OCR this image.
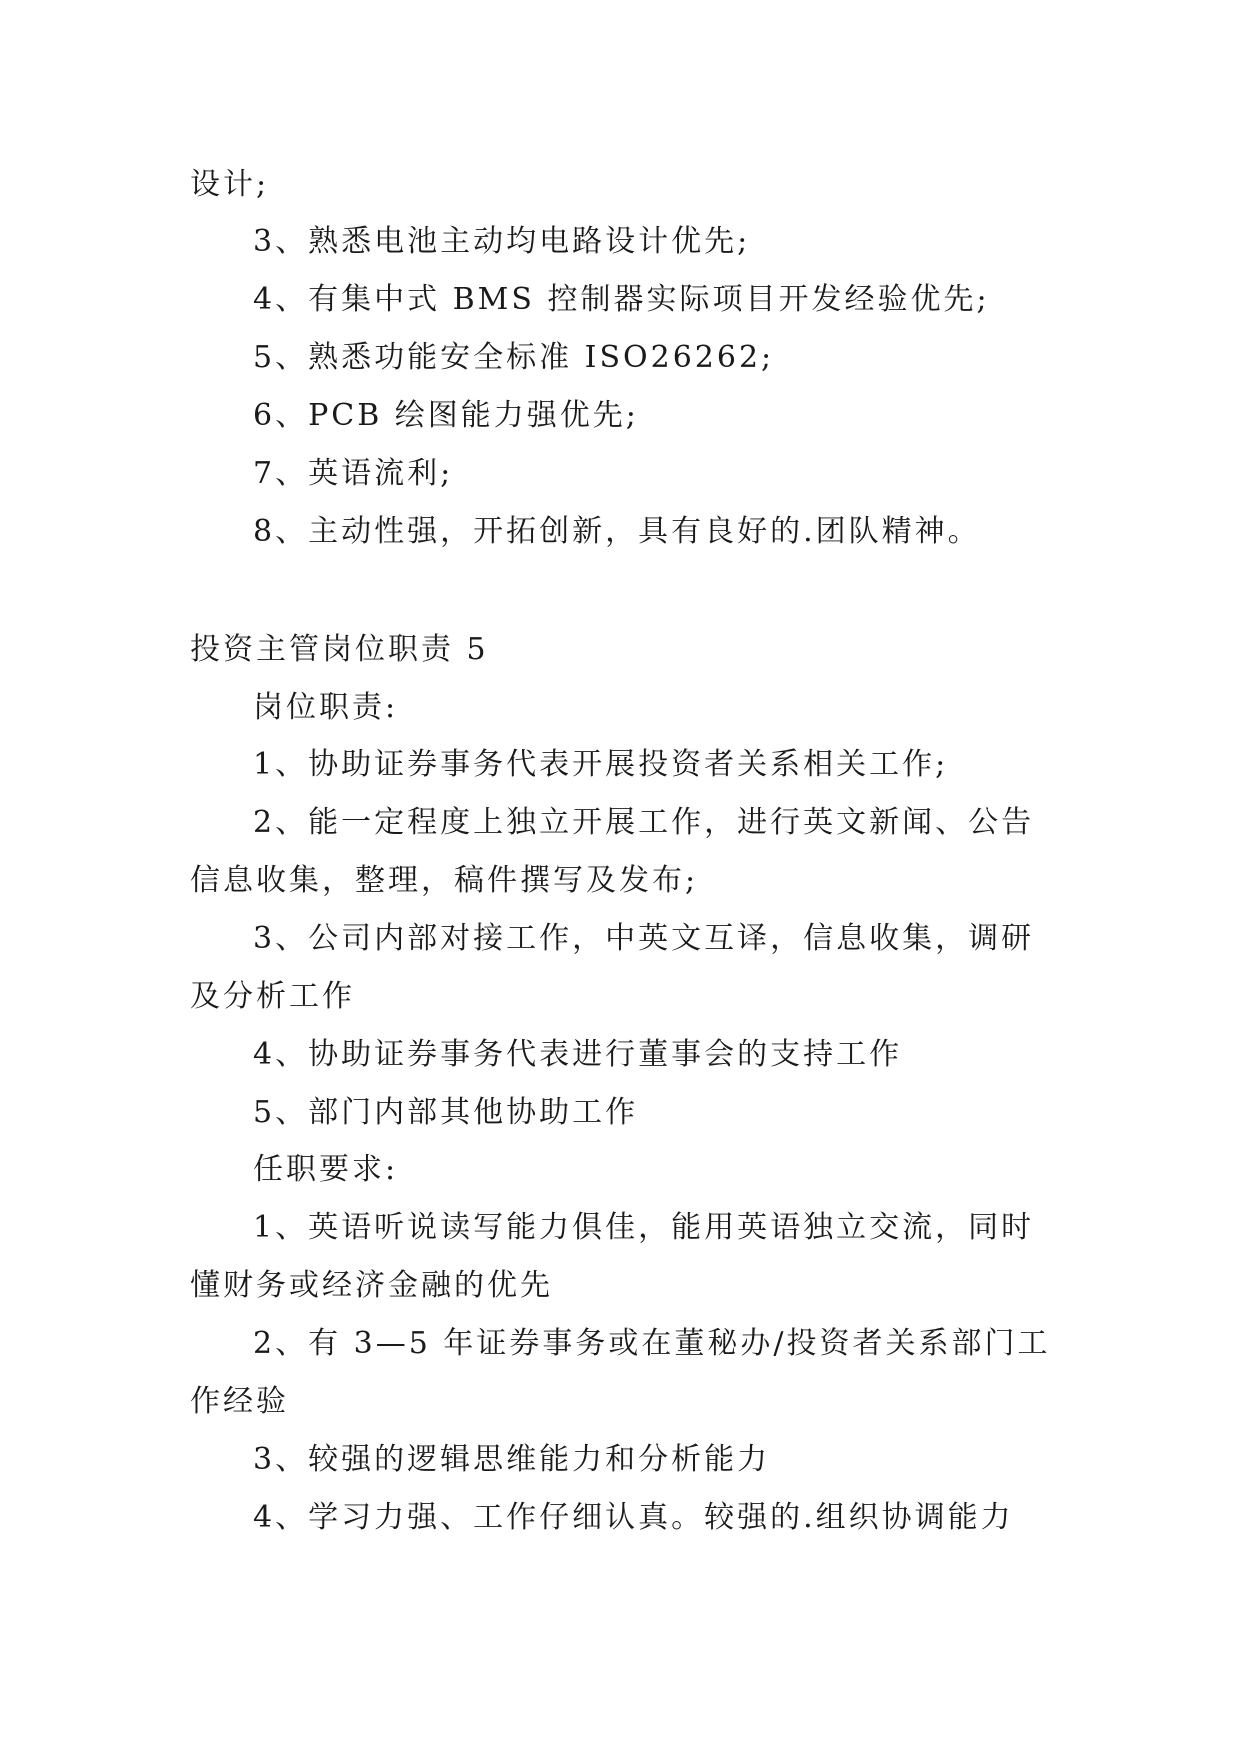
设计;
3、熟悉电池主动均电路设计优先;
4、有集中式 BMS 控制器实际项目开发经验优先;
5、熟悉功能安全标准 ISO26262;
6、PCB 绘图能力强优先;
7、英语流利;
8、主动性强，开拓创新，具有良好的.团队精神。
投资主管岗位职责 5
岗位职责:
1、协助证券事务代表开展投资者关系相关工作;
2、能一定程度上独立开展工作，进行英文新闻、公告
信息收集，整理，稿件撰写及发布;
3、公司内部对接工作，中英文互译，信息收集，调研
及分析工作
4、协助证券事务代表进行董事会的支持工作
5、部门内部其他协助工作
任职要求:
1、英语听说读写能力俱佳，能用英语独立交流，同时
懂财务或经济金融的优先
2、有 3—5 年证券事务或在董秘办/投资者关系部门工
作经验
3、较强的逻辑思维能力和分析能力
4、学习力强、工作仔细认真。较强的.组织协调能力
